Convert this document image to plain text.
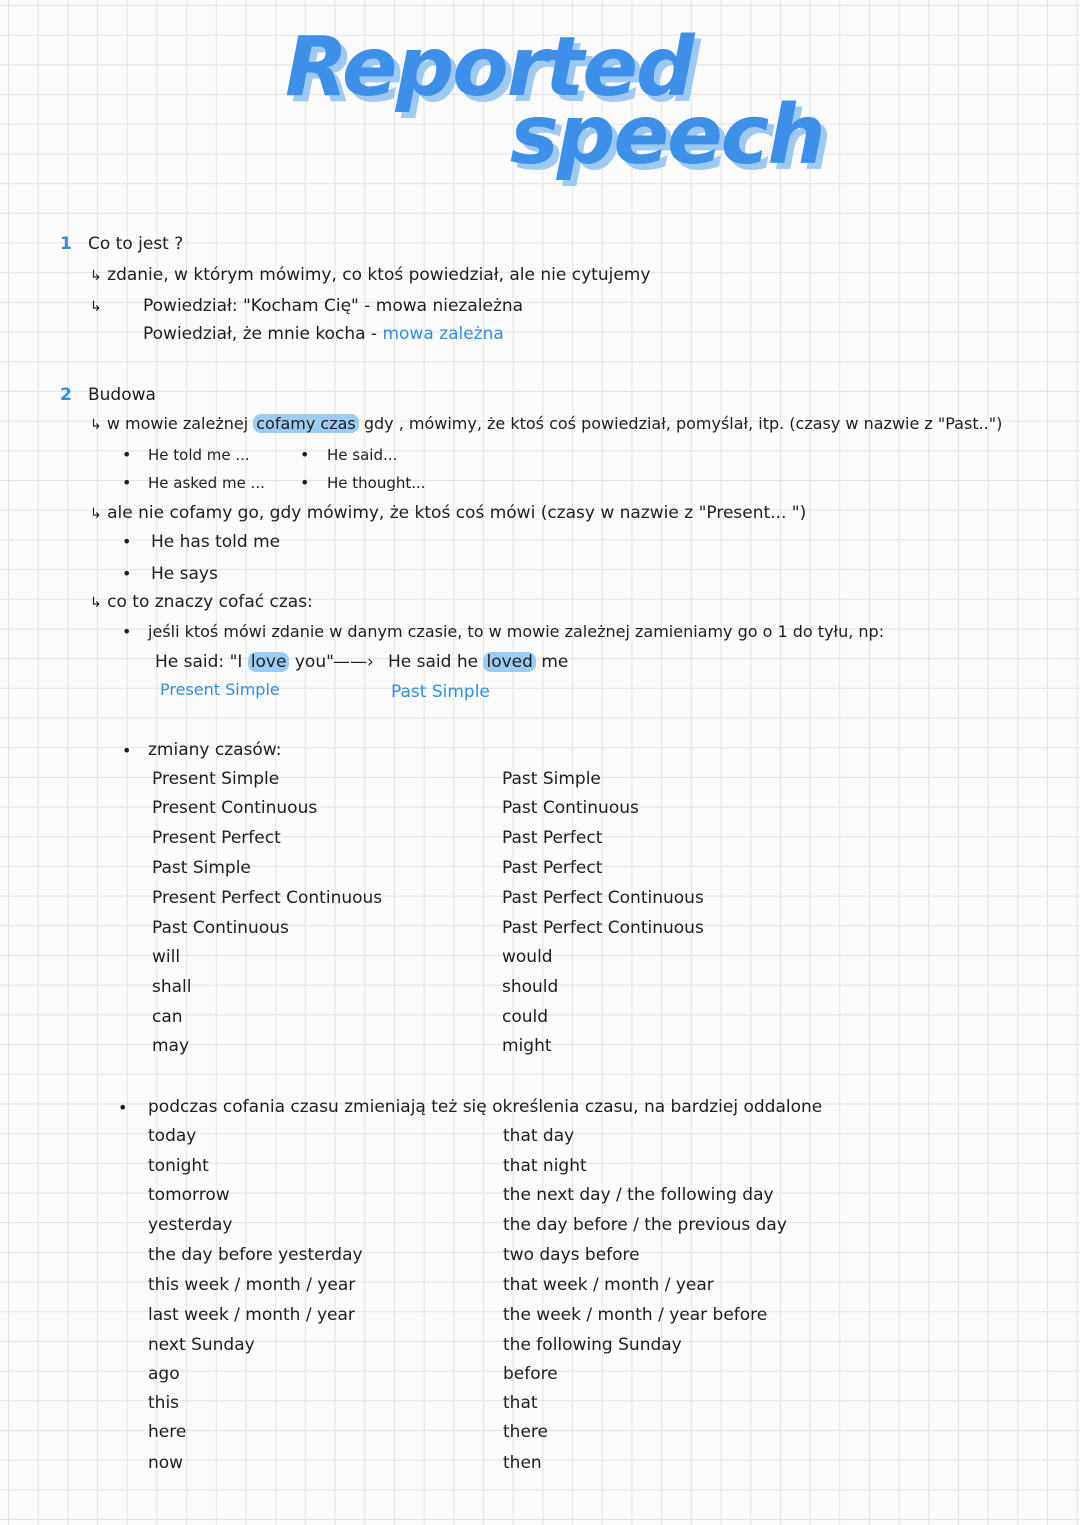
Reported
speech
1 Co to jest ?
↳ zdanie, w którym mówimy, co ktoś powiedział, ale nie cytujemy
↳ Powiedział: "Kocham Cię" - mowa niezależna
Powiedział, że mnie kocha - mowa zależna
2 Budowa
↳ w mowie zależnej cofamy czas gdy , mówimy, że ktoś coś powiedział, pomyślał, itp. (czasy w nazwie z "Past..")
• He told me ...	• He said...
• He asked me ... • He thought...
↳ ale nie cofamy go, gdy mówimy, że ktoś coś mówi (czasy w nazwie z "Present... ")
• He has told me
• He says
↳ co to znaczy cofać czas:
• jeśli ktoś mówi zdanie w danym czasie, to w mowie zależnej zamieniamy go o 1 do tyłu, np:
He said: "I love you" ——› He said he loved me
Present Simple	Past Simple
• zmiany czasów:
Present Simple	Past Simple
Present Continuous	Past Continuous
Present Perfect	Past Perfect
Past Simple	Past Perfect
Present Perfect Continuous	Past Perfect Continuous
Past Continuous	Past Perfect Continuous
will	would
shall	should
can	could
may	might
• podczas cofania czasu zmieniają też się określenia czasu, na bardziej oddalone
today	that day
tonight	that night
tomorrow	the next day / the following day
yesterday	the day before / the previous day
the day before yesterday	two days before
this week / month / year	that week / month / year
last week / month / year	the week / month / year before
next Sunday	the following Sunday
ago	before
this	that
here	there
now	then
